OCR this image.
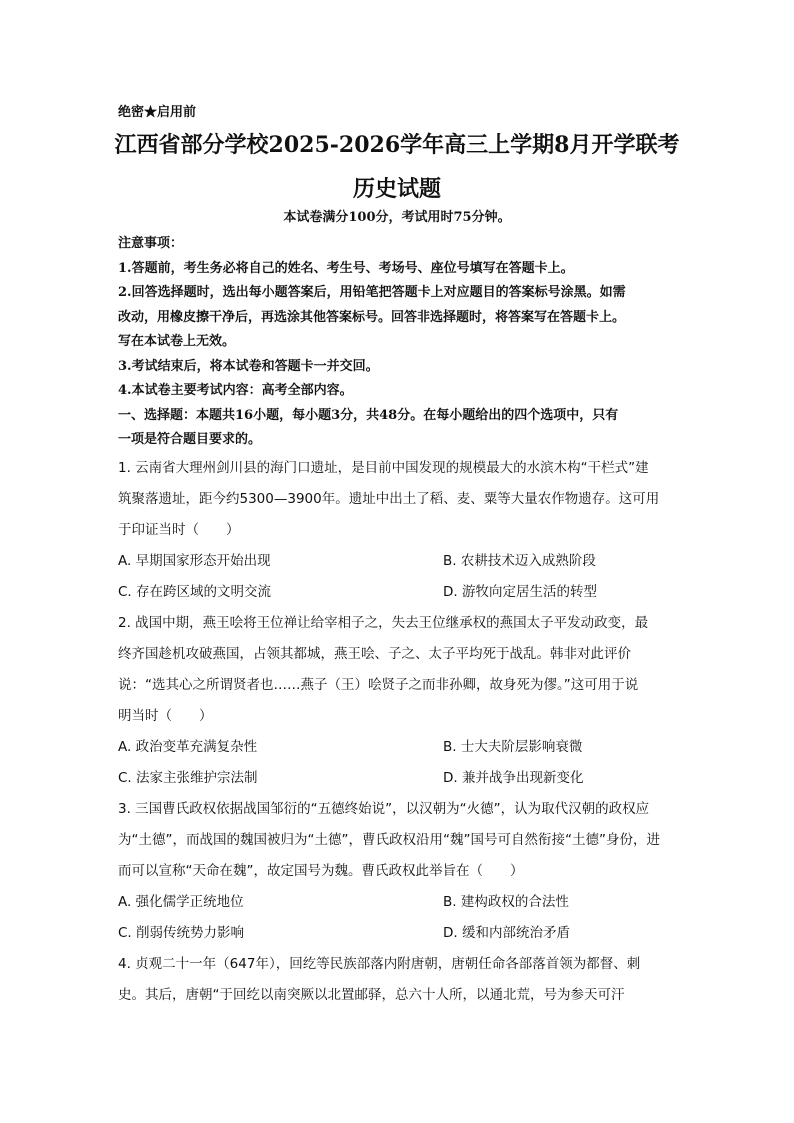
绝密★启用前
江西省部分学校2025-2026学年高三上学期8月开学联考
历史试题
本试卷满分100分，考试用时75分钟。
注意事项：
1.答题前，考生务必将自己的姓名、考生号、考场号、座位号填写在答题卡上。
2.回答选择题时，选出每小题答案后，用铅笔把答题卡上对应题目的答案标号涂黑。如需
改动，用橡皮擦干净后，再选涂其他答案标号。回答非选择题时，将答案写在答题卡上。
写在本试卷上无效。
3.考试结束后，将本试卷和答题卡一并交回。
4.本试卷主要考试内容：高考全部内容。
一、选择题：本题共16小题，每小题3分，共48分。在每小题给出的四个选项中，只有
一项是符合题目要求的。

1. 云南省大理州剑川县的海门口遗址，是目前中国发现的规模最大的水滨木构“干栏式”建

筑聚落遗址，距今约5300—3900年。遗址中出土了稻、麦、粟等大量农作物遗存。这可用

于印证当时（　　）

A. 早期国家形态开始出现	B. 农耕技术迈入成熟阶段
C. 存在跨区域的文明交流	D. 游牧向定居生活的转型

2. 战国中期，燕王哙将王位禅让给宰相子之，失去王位继承权的燕国太子平发动政变，最

终齐国趁机攻破燕国，占领其都城，燕王哙、子之、太子平均死于战乱。韩非对此评价

说：“选其心之所谓贤者也……燕子（王）哙贤子之而非孙卿，故身死为僇。”这可用于说

明当时（　　）

A. 政治变革充满复杂性	B. 士大夫阶层影响衰微
C. 法家主张维护宗法制	D. 兼并战争出现新变化

3. 三国曹氏政权依据战国邹衍的“五德终始说”，以汉朝为“火德”，认为取代汉朝的政权应

为“土德”，而战国的魏国被归为“土德”，曹氏政权沿用“魏”国号可自然衔接“土德”身份，进

而可以宣称“天命在魏”，故定国号为魏。曹氏政权此举旨在（　　）

A. 强化儒学正统地位	B. 建构政权的合法性
C. 削弱传统势力影响	D. 缓和内部统治矛盾

4. 贞观二十一年（647年），回纥等民族部落内附唐朝，唐朝任命各部落首领为都督、刺

史。其后，唐朝“于回纥以南突厥以北置邮驿，总六十人所，以通北荒，号为参天可汗
